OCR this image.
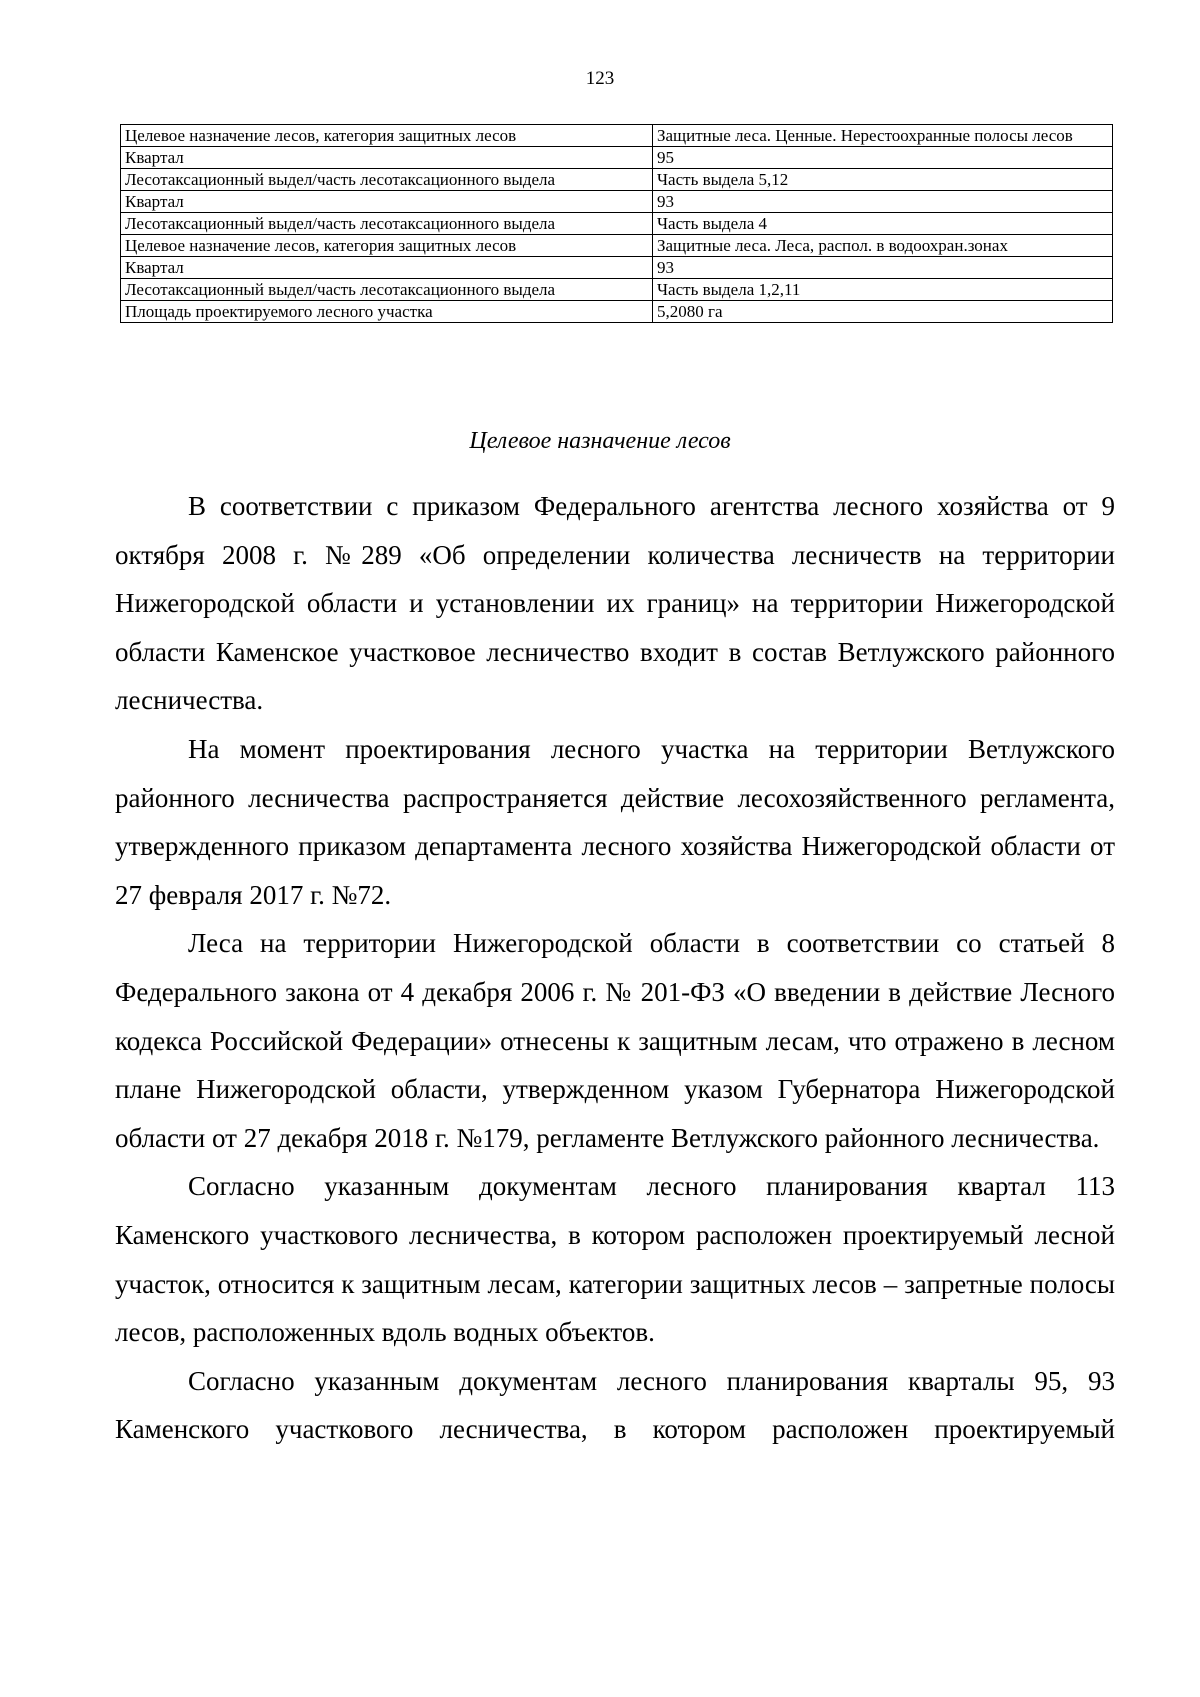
123
Целевое назначение лесов, категория защитных лесов	Защитные леса. Ценные. Нерестоохранные полосы лесов
Квартал	95
Лесотаксационный выдел/часть лесотаксационного выдела	Часть выдела 5,12
Квартал	93
Лесотаксационный выдел/часть лесотаксационного выдела	Часть выдела 4
Целевое назначение лесов, категория защитных лесов	Защитные леса. Леса, распол. в водоохран.зонах
Квартал	93
Лесотаксационный выдел/часть лесотаксационного выдела	Часть выдела 1,2,11
Площадь проектируемого лесного участка	5,2080 га
Целевое назначение лесов

В соответствии с приказом Федерального агентства лесного хозяйства от 9 октября 2008 г. №289 «Об определении количества лесничеств на территории Нижегородской области и установлении их границ» на территории Нижегородской области Каменское участковое лесничество входит в состав Ветлужского районного лесничества.

На момент проектирования лесного участка на территории Ветлужского районного лесничества распространяется действие лесохозяйственного регламента, утвержденного приказом департамента лесного хозяйства Нижегородской области от 27 февраля 2017 г. №72.

Леса на территории Нижегородской области в соответствии со статьей 8 Федерального закона от 4 декабря 2006 г. № 201-ФЗ «О введении в действие Лесного кодекса Российской Федерации» отнесены к защитным лесам, что отражено в лесном плане Нижегородской области, утвержденном указом Губернатора Нижегородской области от 27 декабря 2018 г. №179, регламенте Ветлужского районного лесничества.

Согласно указанным документам лесного планирования квартал 113 Каменского участкового лесничества, в котором расположен проектируемый лесной участок, относится к защитным лесам, категории защитных лесов – запретные полосы лесов, расположенных вдоль водных объектов.

Согласно указанным документам лесного планирования кварталы 95, 93 Каменского участкового лесничества, в котором расположен проектируемый
